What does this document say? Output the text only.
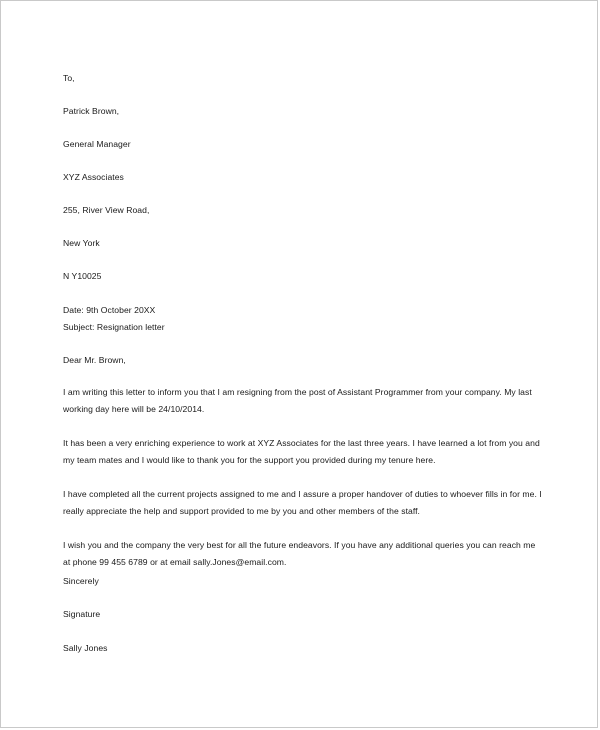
To,
Patrick Brown,
General Manager
XYZ Associates
255, River View Road,
New York
N Y10025
Date: 9th October 20XX
Subject: Resignation letter
Dear Mr. Brown,
I am writing this letter to inform you that I am resigning from the post of Assistant Programmer from your company. My last working day here will be 24/10/2014.
It has been a very enriching experience to work at XYZ Associates for the last three years. I have learned a lot from you and my team mates and I would like to thank you for the support you provided during my tenure here.
I have completed all the current projects assigned to me and I assure a proper handover of duties to whoever fills in for me. I really appreciate the help and support provided to me by you and other members of the staff.
I wish you and the company the very best for all the future endeavors. If you have any additional queries you can reach me at phone 99 455 6789 or at email sally.Jones@email.com.
Sincerely
Signature
Sally Jones
